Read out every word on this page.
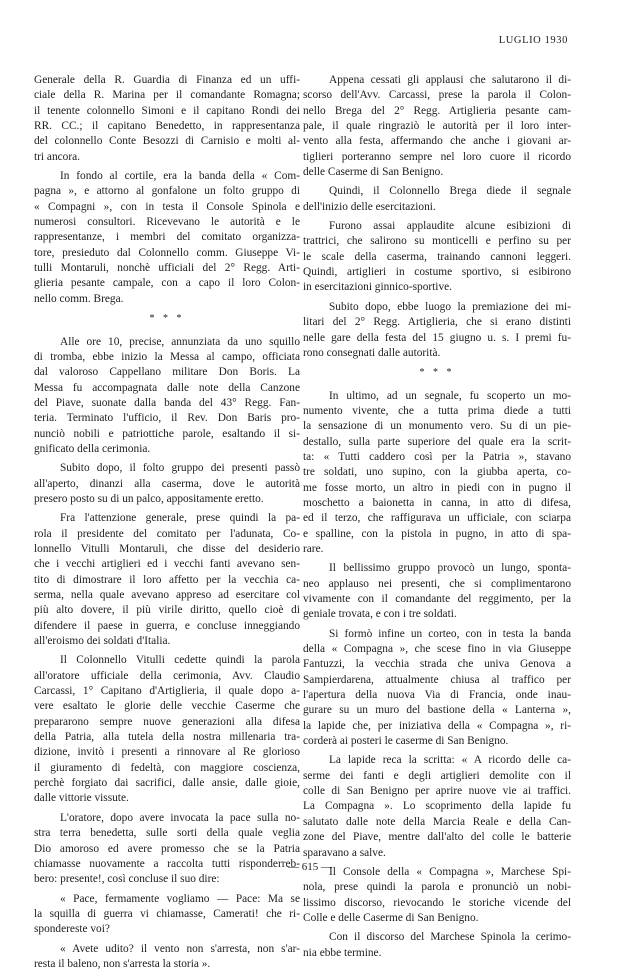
LUGLIO 1930
Generale della R. Guardia di Finanza ed un uffi-
ciale della R. Marina per il comandante Romagna;
il tenente colonnello Simoni e il capitano Rondi dei
RR. CC.; il capitano Benedetto, in rappresentanza
del colonnello Conte Besozzi di Carnisio e molti al-
tri ancora.
In fondo al cortile, era la banda della « Com-
pagna », e attorno al gonfalone un folto gruppo di
« Compagni », con in testa il Console Spinola e
numerosi consultori. Ricevevano le autorità e le
rappresentanze, i membri del comitato organizza-
tore, presieduto dal Colonnello comm. Giuseppe Vi-
tulli Montaruli, nonchè ufficiali del 2° Regg. Arti-
glieria pesante campale, con a capo il loro Colon-
nello comm. Brega.
* * *
Alle ore 10, precise, annunziata da uno squillo
di tromba, ebbe inizio la Messa al campo, officiata
dal valoroso Cappellano militare Don Boris. La
Messa fu accompagnata dalle note della Canzone
del Piave, suonate dalla banda del 43° Regg. Fan-
teria. Terminato l'ufficio, il Rev. Don Baris pro-
nunciò nobili e patriottiche parole, esaltando il si-
gnificato della cerimonia.
Subito dopo, il folto gruppo dei presenti passò
all'aperto, dinanzi alla caserma, dove le autorità
presero posto su di un palco, appositamente eretto.
Fra l'attenzione generale, prese quindi la pa-
rola il presidente del comitato per l'adunata, Co-
lonnello Vitulli Montaruli, che disse del desiderio
che i vecchi artiglieri ed i vecchi fanti avevano sen-
tito di dimostrare il loro affetto per la vecchia ca-
serma, nella quale avevano appreso ad esercitare col
più alto dovere, il più virile diritto, quello cioè di
difendere il paese in guerra, e concluse inneggiando
all'eroismo dei soldati d'Italia.
Il Colonnello Vitulli cedette quindi la parola
all'oratore ufficiale della cerimonia, Avv. Claudio
Carcassi, 1° Capitano d'Artiglieria, il quale dopo a-
vere esaltato le glorie delle vecchie Caserme che
prepararono sempre nuove generazioni alla difesa
della Patria, alla tutela della nostra millenaria tra-
dizione, invitò i presenti a rinnovare al Re glorioso
il giuramento di fedeltà, con maggiore coscienza,
perchè forgiato dai sacrifici, dalle ansie, dalle gioie,
dalle vittorie vissute.
L'oratore, dopo avere invocata la pace sulla no-
stra terra benedetta, sulle sorti della quale veglia
Dio amoroso ed avere promesso che se la Patria
chiamasse nuovamente a raccolta tutti risponderreb-
bero: presente!, così concluse il suo dire:
« Pace, fermamente vogliamo — Pace: Ma se
la squilla di guerra vi chiamasse, Camerati! che ri-
spondereste voi?
« Avete udito? il vento non s'arresta, non s'ar-
resta il baleno, non s'arresta la storia ».
Appena cessati gli applausi che salutarono il di-
scorso dell'Avv. Carcassi, prese la parola il Colon-
nello Brega del 2° Regg. Artiglieria pesante cam-
pale, il quale ringraziò le autorità per il loro inter-
vento alla festa, affermando che anche i giovani ar-
tiglieri porteranno sempre nel loro cuore il ricordo
delle Caserme di San Benigno.
Quindi, il Colonnello Brega diede il segnale
dell'inizio delle esercitazioni.
Furono assai applaudite alcune esibizioni di
trattrici, che salirono su monticelli e perfino su per
le scale della caserma, trainando cannoni leggeri.
Quindi, artiglieri in costume sportivo, si esibirono
in esercitazioni ginnico-sportive.
Subito dopo, ebbe luogo la premiazione dei mi-
litari del 2° Regg. Artiglieria, che si erano distinti
nelle gare della festa del 15 giugno u. s. I premi fu-
rono consegnati dalle autorità.
* * *
In ultimo, ad un segnale, fu scoperto un mo-
numento vivente, che a tutta prima diede a tutti
la sensazione di un monumento vero. Su di un pie-
destallo, sulla parte superiore del quale era la scrit-
ta: « Tutti caddero così per la Patria », stavano
tre soldati, uno supino, con la giubba aperta, co-
me fosse morto, un altro in piedi con in pugno il
moschetto a baionetta in canna, in atto di difesa,
ed il terzo, che raffigurava un ufficiale, con sciarpa
e spalline, con la pistola in pugno, in atto di spa-
rare.
Il bellissimo gruppo provocò un lungo, sponta-
neo applauso nei presenti, che si complimentarono
vivamente con il comandante del reggimento, per la
geniale trovata, e con i tre soldati.
Si formò infine un corteo, con in testa la banda
della « Compagna », che scese fino in via Giuseppe
Fantuzzi, la vecchia strada che univa Genova a
Sampierdarena, attualmente chiusa al traffico per
l'apertura della nuova Via di Francia, onde inau-
gurare su un muro del bastione della « Lanterna »,
la lapide che, per iniziativa della « Compagna », ri-
corderà ai posteri le caserme di San Benigno.
La lapide reca la scritta: « A ricordo delle ca-
serme dei fanti e degli artiglieri demolite con il
colle di San Benigno per aprire nuove vie ai traffici.
La Compagna ». Lo scoprimento della lapide fu
salutato dalle note della Marcia Reale e della Can-
zone del Piave, mentre dall'alto del colle le batterie
sparavano a salve.
Il Console della « Compagna », Marchese Spi-
nola, prese quindi la parola e pronunciò un nobi-
lissimo discorso, rievocando le storiche vicende del
Colle e delle Caserme di San Benigno.
Con il discorso del Marchese Spinola la cerimo-
nia ebbe termine.
— 615 —
